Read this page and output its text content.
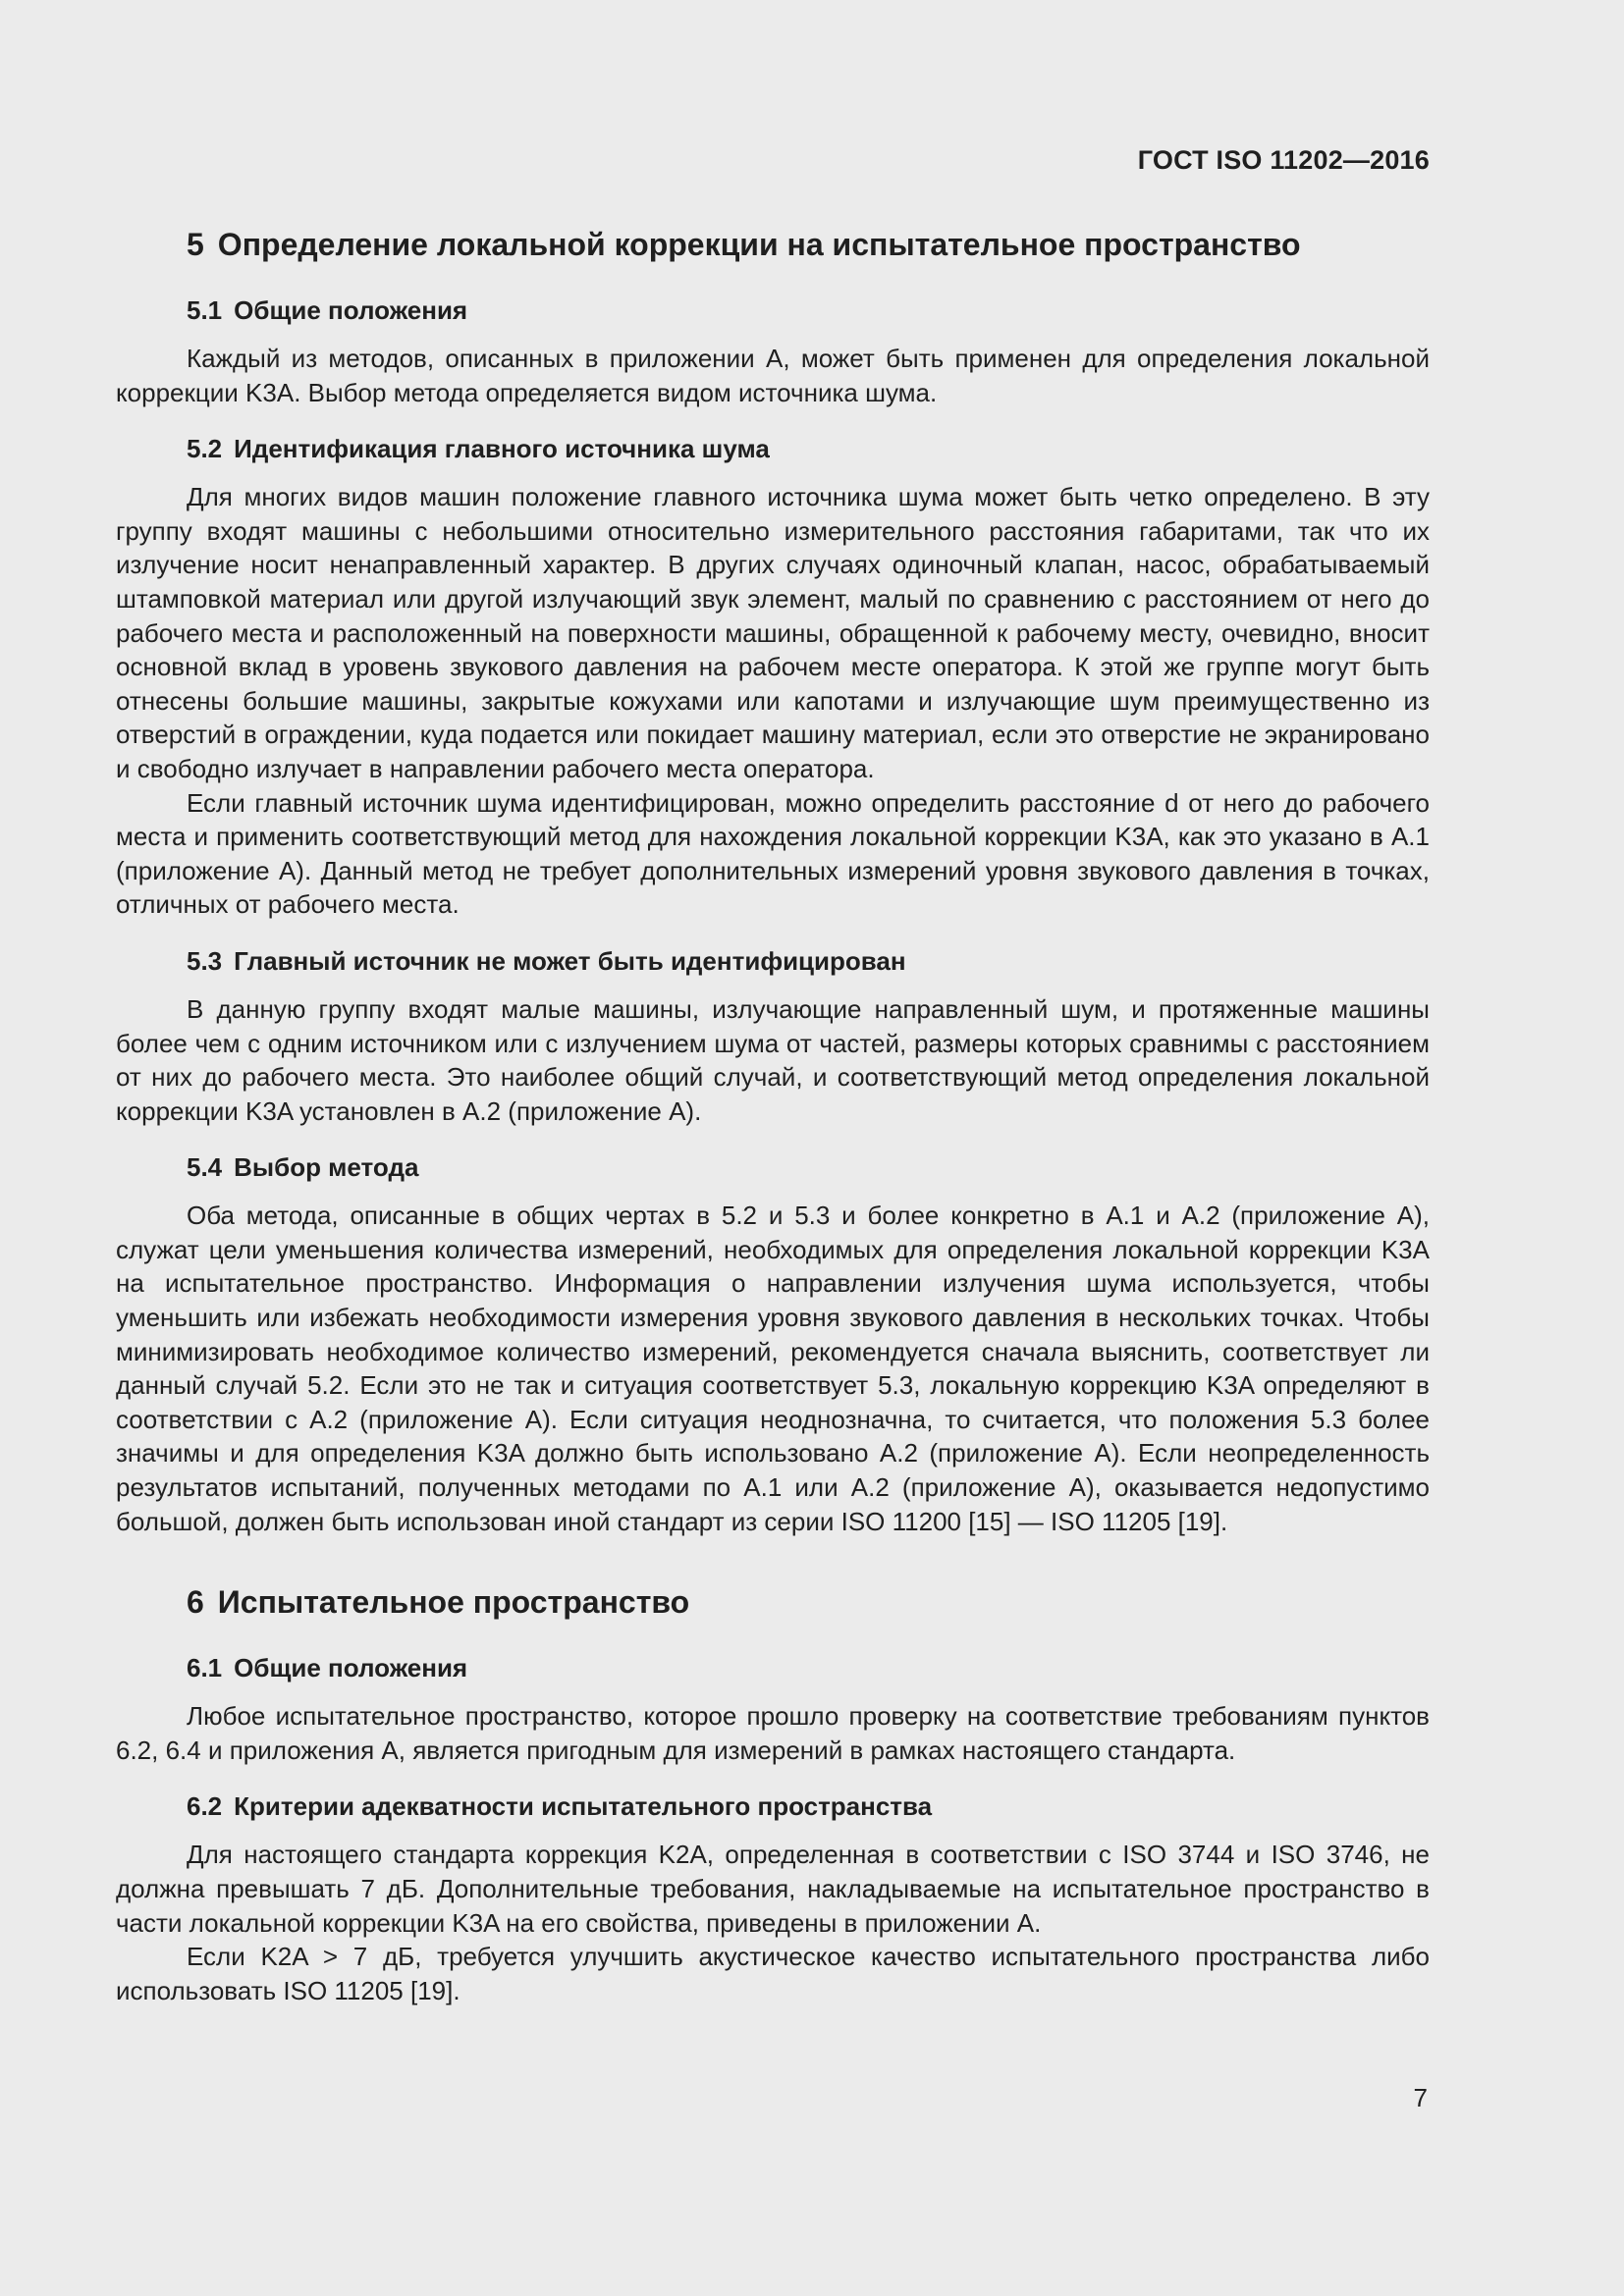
ГОСТ ISO 11202—2016
5 Определение локальной коррекции на испытательное пространство
5.1 Общие положения

Каждый из методов, описанных в приложении А, может быть применен для определения локальной коррекции K3A. Выбор метода определяется видом источника шума.

5.2 Идентификация главного источника шума

Для многих видов машин положение главного источника шума может быть четко определено. В эту группу входят машины с небольшими относительно измерительного расстояния габаритами, так что их излучение носит ненаправленный характер. В других случаях одиночный клапан, насос, обрабатываемый штамповкой материал или другой излучающий звук элемент, малый по сравнению с расстоянием от него до рабочего места и расположенный на поверхности машины, обращенной к рабочему месту, очевидно, вносит основной вклад в уровень звукового давления на рабочем месте оператора. К этой же группе могут быть отнесены большие машины, закрытые кожухами или капотами и излучающие шум преимущественно из отверстий в ограждении, куда подается или покидает машину материал, если это отверстие не экранировано и свободно излучает в направлении рабочего места оператора.

Если главный источник шума идентифицирован, можно определить расстояние d от него до рабочего места и применить соответствующий метод для нахождения локальной коррекции K3A, как это указано в А.1 (приложение А). Данный метод не требует дополнительных измерений уровня звукового давления в точках, отличных от рабочего места.

5.3 Главный источник не может быть идентифицирован

В данную группу входят малые машины, излучающие направленный шум, и протяженные машины более чем с одним источником или с излучением шума от частей, размеры которых сравнимы с расстоянием от них до рабочего места. Это наиболее общий случай, и соответствующий метод определения локальной коррекции K3A установлен в А.2 (приложение А).

5.4 Выбор метода

Оба метода, описанные в общих чертах в 5.2 и 5.3 и более конкретно в А.1 и А.2 (приложение А), служат цели уменьшения количества измерений, необходимых для определения локальной коррекции K3A на испытательное пространство. Информация о направлении излучения шума используется, чтобы уменьшить или избежать необходимости измерения уровня звукового давления в нескольких точках. Чтобы минимизировать необходимое количество измерений, рекомендуется сначала выяснить, соответствует ли данный случай 5.2. Если это не так и ситуация соответствует 5.3, локальную коррекцию K3A определяют в соответствии с А.2 (приложение А). Если ситуация неоднозначна, то считается, что положения 5.3 более значимы и для определения K3A должно быть использовано А.2 (приложение А). Если неопределенность результатов испытаний, полученных методами по А.1 или А.2 (приложение А), оказывается недопустимо большой, должен быть использован иной стандарт из серии ISO 11200 [15] — ISO 11205 [19].

6 Испытательное пространство
6.1 Общие положения

Любое испытательное пространство, которое прошло проверку на соответствие требованиям пунктов 6.2, 6.4 и приложения А, является пригодным для измерений в рамках настоящего стандарта.

6.2 Критерии адекватности испытательного пространства

Для настоящего стандарта коррекция K2A, определенная в соответствии с ISO 3744 и ISO 3746, не должна превышать 7 дБ. Дополнительные требования, накладываемые на испытательное пространство в части локальной коррекции K3A на его свойства, приведены в приложении А.

Если K2A > 7 дБ, требуется улучшить акустическое качество испытательного пространства либо использовать ISO 11205 [19].

7
